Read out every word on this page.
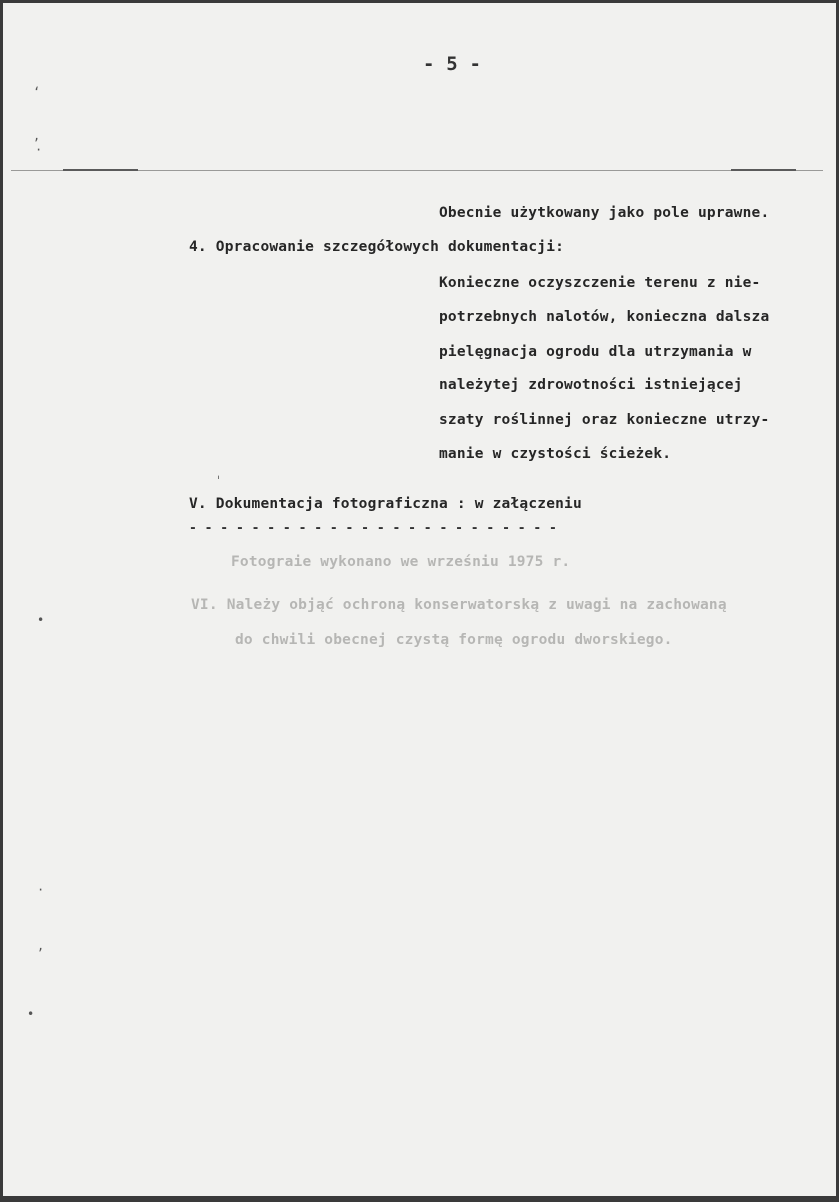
- 5 -
Obecnie użytkowany jako pole uprawne.
4. Opracowanie szczegółowych dokumentacji:
Konieczne oczyszczenie terenu z nie-
potrzebnych nalotów, konieczna dalsza
pielęgnacja ogrodu dla utrzymania w
należytej zdrowotności istniejącej
szaty roślinnej oraz konieczne utrzy-
manie w czystości ścieżek.
V. Dokumentacja fotograficzna : w załączeniu
- - - - - - - - - - - - - - - - - - - - - - - -
Fotograie wykonano we wrześniu 1975 r.
VI. Należy objąć ochroną konserwatorską z uwagi na zachowaną
do chwili obecnej czystą formę ogrodu dworskiego.
‘
,
·
•
·
,
•
ˌ
